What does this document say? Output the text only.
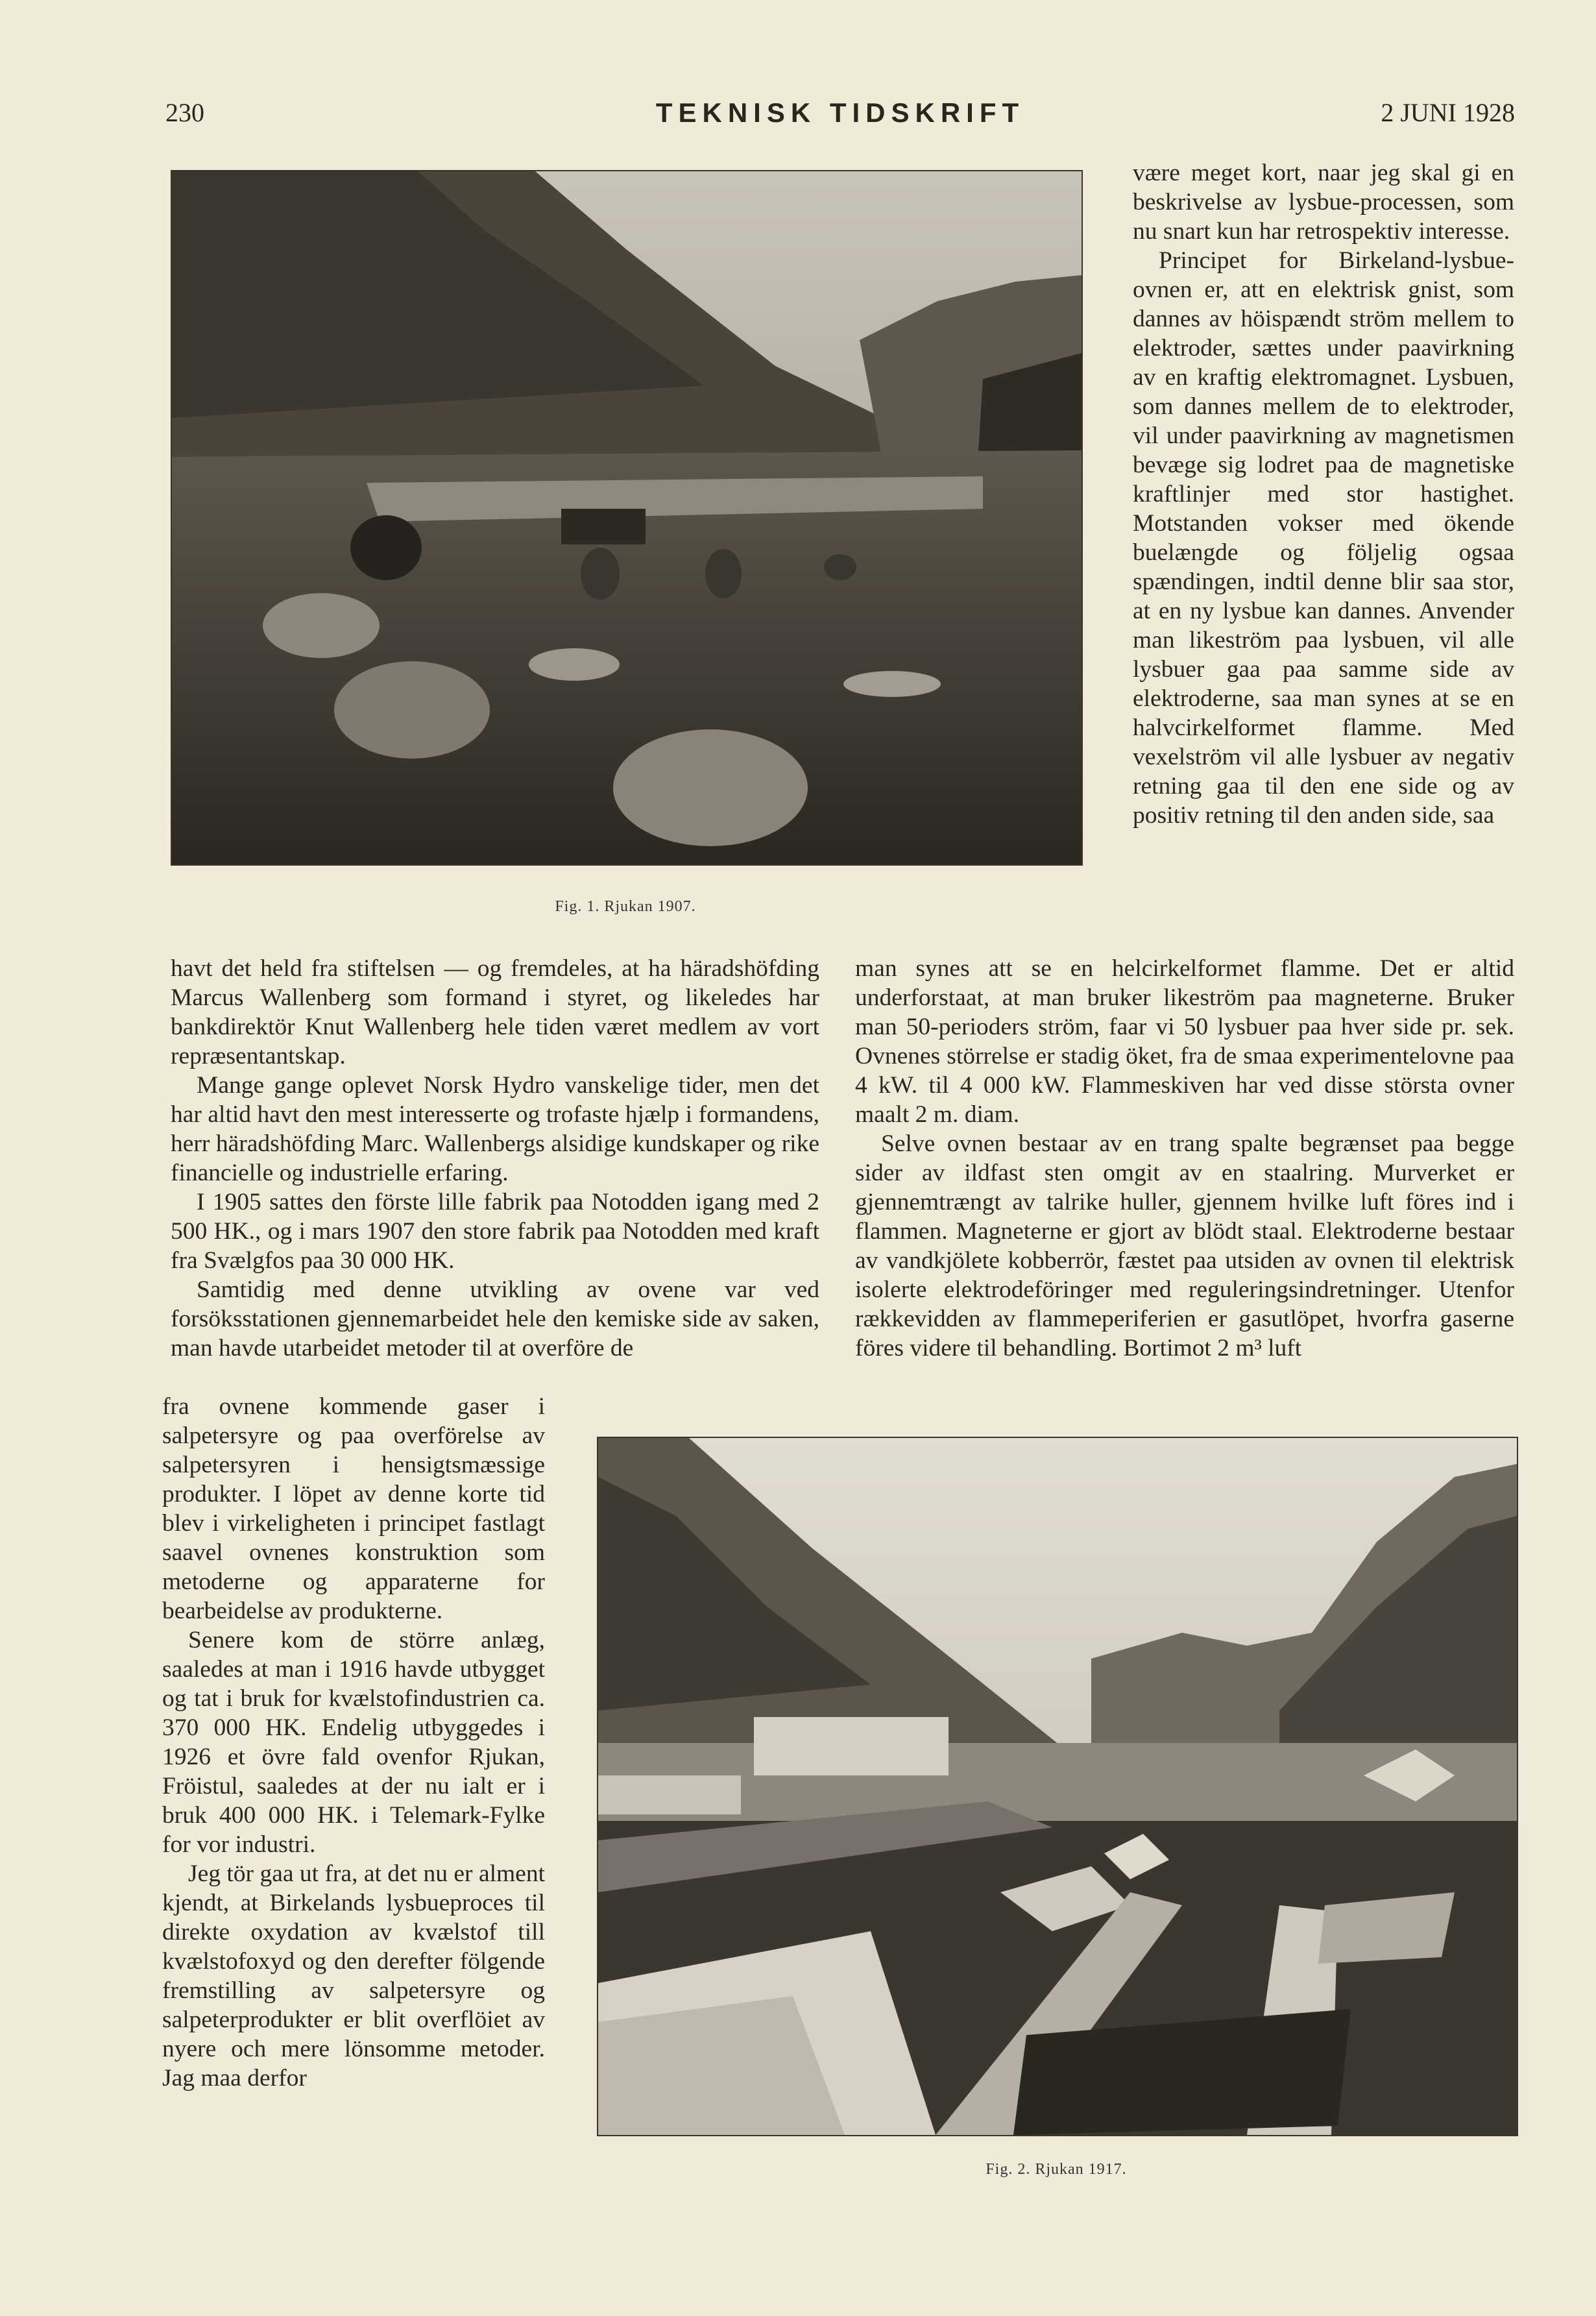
230	TEKNISK TIDSKRIFT	2 JUNI 1928
Fig. 1. Rjukan 1907.

være meget kort, naar jeg skal gi en beskrivelse av lysbue-processen, som nu snart kun har retrospektiv interesse.

Principet for Birkeland-lysbue-ovnen er, att en elektrisk gnist, som dannes av höispændt ström mellem to elektroder, sættes under paavirkning av en kraftig elektromagnet. Lysbuen, som dannes mellem de to elektroder, vil under paavirkning av magnetismen bevæge sig lodret paa de magnetiske kraftlinjer med stor hastighet. Motstanden vokser med ökende buelængde og följelig ogsaa spændingen, indtil denne blir saa stor, at en ny lysbue kan dannes. Anvender man likeström paa lysbuen, vil alle lysbuer gaa paa samme side av elektroderne, saa man synes at se en halvcirkelformet flamme. Med vexelström vil alle lysbuer av negativ retning gaa til den ene side og av positiv retning til den anden side, saa

havt det held fra stiftelsen — og fremdeles, at ha häradshöfding Marcus Wallenberg som formand i styret, og likeledes har bankdirektör Knut Wallenberg hele tiden været medlem av vort repræsentantskap.

Mange gange oplevet Norsk Hydro vanskelige tider, men det har altid havt den mest interesserte og trofaste hjælp i formandens, herr häradshöfding Marc. Wallenbergs alsidige kundskaper og rike financielle og industrielle erfaring.

I 1905 sattes den förste lille fabrik paa Notodden igang med 2 500 HK., og i mars 1907 den store fabrik paa Notodden med kraft fra Svælgfos paa 30 000 HK.

Samtidig med denne utvikling av ovene var ved forsöksstationen gjennemarbeidet hele den kemiske side av saken, man havde utarbeidet metoder til at overföre de

man synes att se en helcirkelformet flamme. Det er altid underforstaat, at man bruker likeström paa magneterne. Bruker man 50-perioders ström, faar vi 50 lysbuer paa hver side pr. sek. Ovnenes störrelse er stadig öket, fra de smaa experimentelovne paa 4 kW. til 4 000 kW. Flammeskiven har ved disse största ovner maalt 2 m. diam.

Selve ovnen bestaar av en trang spalte begrænset paa begge sider av ildfast sten omgit av en staalring. Murverket er gjennemtrængt av talrike huller, gjennem hvilke luft föres ind i flammen. Magneterne er gjort av blödt staal. Elektroderne bestaar av vandkjölete kobberrör, fæstet paa utsiden av ovnen til elektrisk isolerte elektrodeföringer med reguleringsindretninger. Utenfor rækkevidden av flammeperiferien er gasutlöpet, hvorfra gaserne föres videre til behandling. Bortimot 2 m³ luft

fra ovnene kommende gaser i salpetersyre og paa overförelse av salpetersyren i hensigtsmæssige produkter. I löpet av denne korte tid blev i virkeligheten i principet fastlagt saavel ovnenes konstruktion som metoderne og apparaterne for bearbeidelse av produkterne.

Senere kom de större anlæg, saaledes at man i 1916 havde utbygget og tat i bruk for kvælstofindustrien ca. 370 000 HK. Endelig utbyggedes i 1926 et övre fald ovenfor Rjukan, Fröistul, saaledes at der nu ialt er i bruk 400 000 HK. i Telemark-Fylke for vor industri.

Jeg tör gaa ut fra, at det nu er alment kjendt, at Birkelands lysbueproces til direkte oxydation av kvælstof till kvælstofoxyd og den derefter fölgende fremstilling av salpetersyre og salpeterprodukter er blit overflöiet av nyere och mere lönsomme metoder. Jag maa derfor

Fig. 2. Rjukan 1917.
